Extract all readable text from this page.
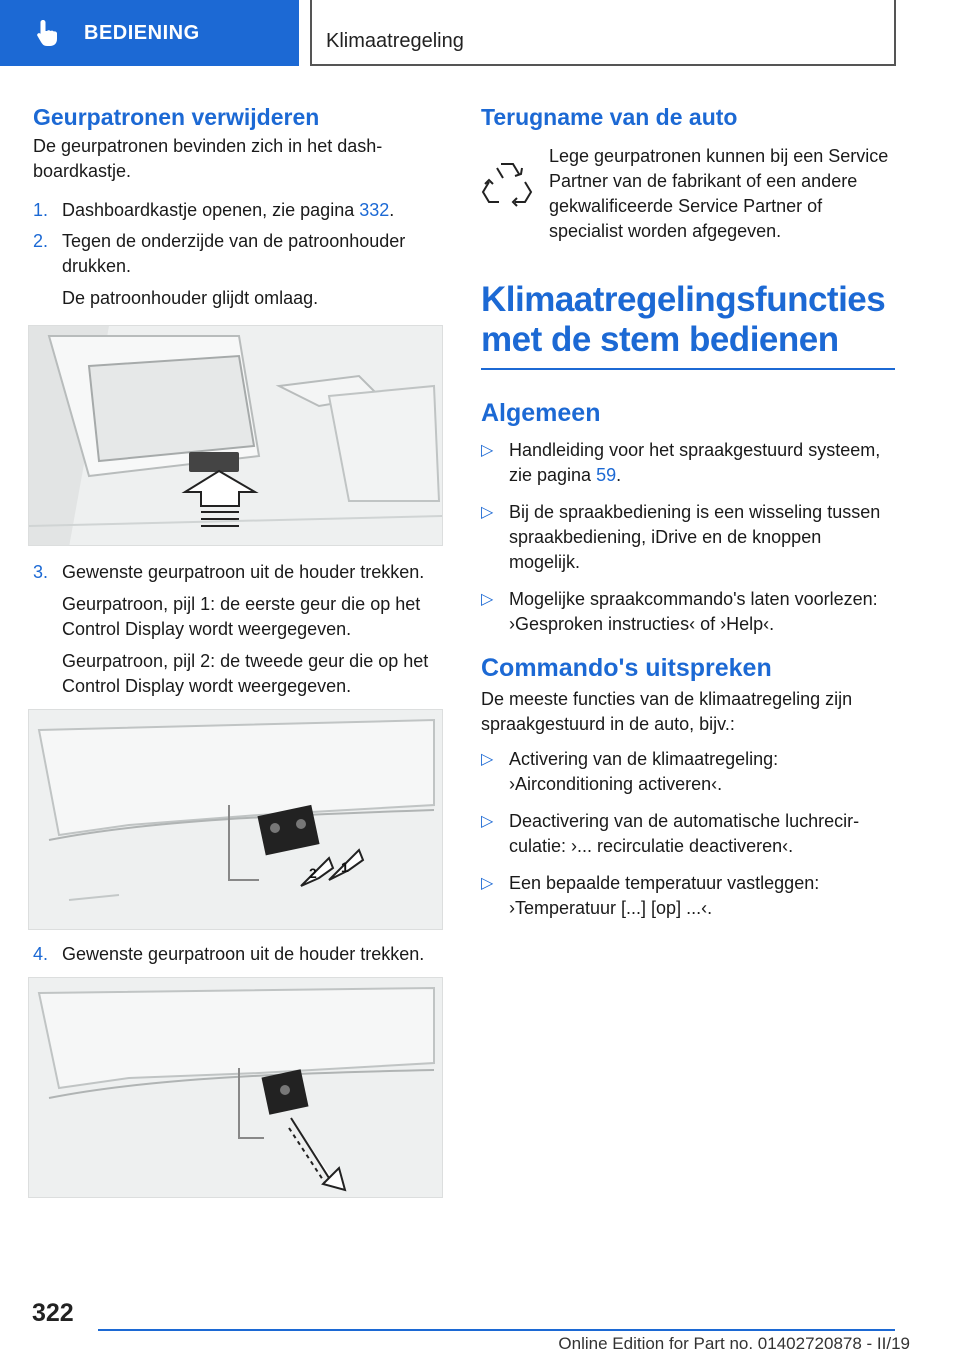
BEDIENING	Klimaatregeling
Geurpatronen verwijderen

De geurpatronen bevinden zich in het dashboardkastje.

1. Dashboardkastje openen, zie pagina 332.
2. Tegen de onderzijde van de patroonhouder drukken.
De patroonhouder glijdt omlaag.
3. Gewenste geurpatroon uit de houder trekken.
Geurpatroon, pijl 1: de eerste geur die op het Control Display wordt weergegeven.
Geurpatroon, pijl 2: de tweede geur die op het Control Display wordt weergegeven.
2 1
4. Gewenste geurpatroon uit de houder trekken.
Terugname van de auto

Lege geurpatronen kunnen bij een Service Partner van de fabrikant of een andere gekwalificeerde Service Partner of specialist worden afgegeven.

Klimaatregelingsfuncties met de stem bedienen
Algemeen
▷ Handleiding voor het spraakgestuurd systeem, zie pagina 59.
▷ Bij de spraakbediening is een wisseling tussen spraakbediening, iDrive en de knoppen mogelijk.
▷ Mogelijke spraakcommando's laten voorlezen: ›Gesproken instructies‹ of ›Help‹.
Commando's uitspreken

De meeste functies van de klimaatregeling zijn spraakgestuurd in de auto, bijv.:

▷ Activering van de klimaatregeling: ›Airconditioning activeren‹.
▷ Deactivering van de automatische luchrecirculatie: ›... recirculatie deactiveren‹.
▷ Een bepaalde temperatuur vastleggen: ›Temperatuur [...] [op] ...‹.
322
Online Edition for Part no. 01402720878 - II/19
